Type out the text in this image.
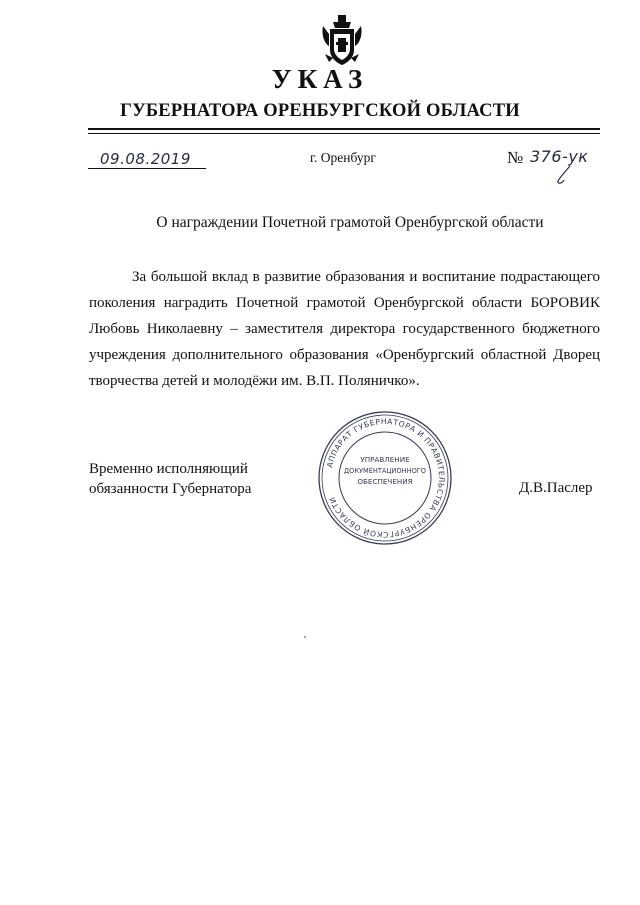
УКАЗ
ГУБЕРНАТОРА ОРЕНБУРГСКОЙ ОБЛАСТИ
09.08.2019	г. Оренбург	№ 376-ук
О награждении Почетной грамотой Оренбургской области

За большой вклад в развитие образования и воспитание подрастающего поколения наградить Почетной грамотой Оренбургской области БОРОВИК Любовь Николаевну – заместителя директора государственного бюджетного учреждения дополнительного образования «Оренбургский областной Дворец творчества детей и молодёжи им. В.П. Поляничко».

Временно исполняющий
обязанности Губернатора
АППАРАТ ГУБЕРНАТОРА И ПРАВИТЕЛЬСТВА ОРЕНБУРГСКОЙ ОБЛАСТИ
УПРАВЛЕНИЕ
ДОКУМЕНТАЦИОННОГО
ОБЕСПЕЧЕНИЯ	Д.В.Паслер
